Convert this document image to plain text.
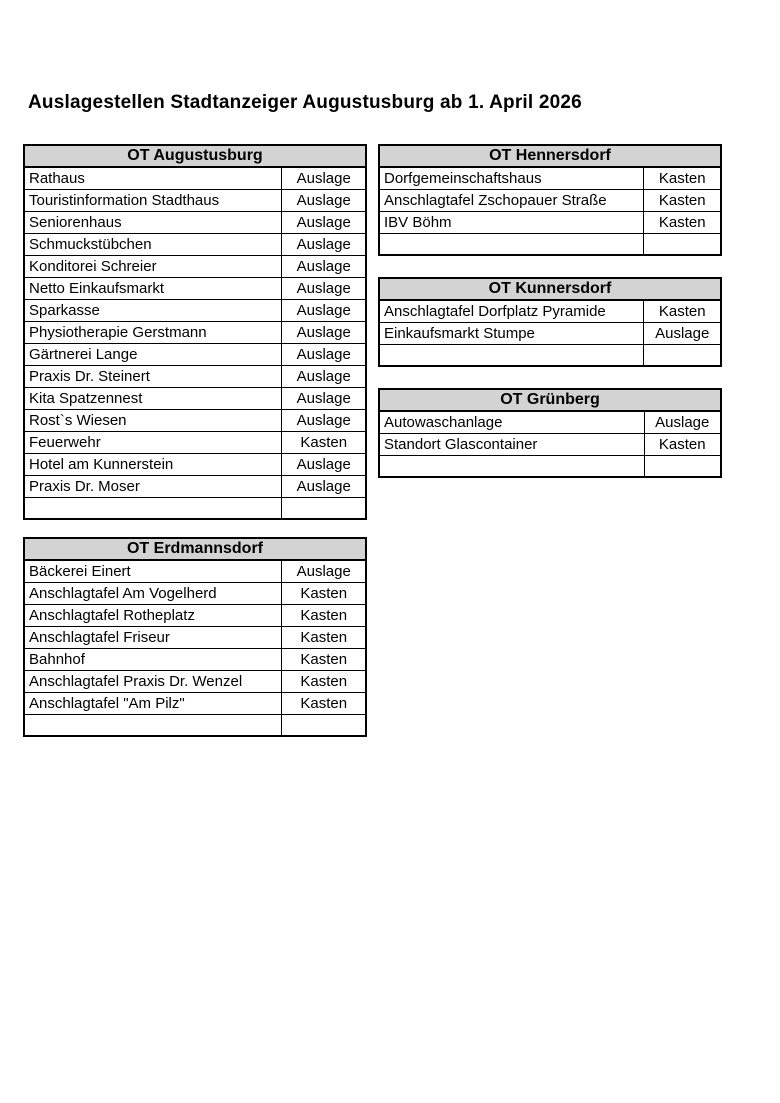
Auslagestellen Stadtanzeiger Augustusburg ab 1. April 2026
OT Augustusburg	
Rathaus	Auslage
Touristinformation Stadthaus	Auslage
Seniorenhaus	Auslage
Schmuckstübchen	Auslage
Konditorei Schreier	Auslage
Netto Einkaufsmarkt	Auslage
Sparkasse	Auslage
Physiotherapie Gerstmann	Auslage
Gärtnerei Lange	Auslage
Praxis Dr. Steinert	Auslage
Kita Spatzennest	Auslage
Rost`s Wiesen	Auslage
Feuerwehr	Kasten
Hotel am Kunnerstein	Auslage
Praxis Dr. Moser	Auslage

OT Erdmannsdorf	
Bäckerei Einert	Auslage
Anschlagtafel Am Vogelherd	Kasten
Anschlagtafel Rotheplatz	Kasten
Anschlagtafel Friseur	Kasten
Bahnhof	Kasten
Anschlagtafel Praxis Dr. Wenzel	Kasten
Anschlagtafel "Am Pilz"	Kasten

OT Hennersdorf	
Dorfgemeinschaftshaus	Kasten
Anschlagtafel Zschopauer Straße	Kasten
IBV Böhm	Kasten

OT Kunnersdorf	
Anschlagtafel Dorfplatz Pyramide	Kasten
Einkaufsmarkt Stumpe	Auslage

OT Grünberg	
Autowaschanlage	Auslage
Standort Glascontainer	Kasten
